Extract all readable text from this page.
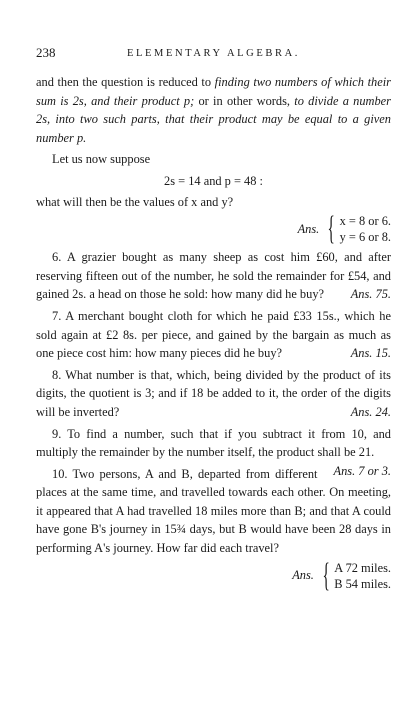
238	ELEMENTARY ALGEBRA.

and then the question is reduced to finding two numbers of which their sum is 2s, and their product p; or in other words, to divide a number 2s, into two such parts, that their product may be equal to a given number p.

Let us now suppose

2s = 14 and p = 48 :

what will then be the values of x and y?

Ans. { x = 8 or 6.
y = 6 or 8.

6. A grazier bought as many sheep as cost him £60, and after reserving fifteen out of the number, he sold the remainder for £54, and gained 2s. a head on those he sold: how many did he buy?	Ans. 75.

7. A merchant bought cloth for which he paid £33 15s., which he sold again at £2 8s. per piece, and gained by the bargain as much as one piece cost him: how many pieces did he buy?	Ans. 15.

8. What number is that, which, being divided by the product of its digits, the quotient is 3; and if 18 be added to it, the order of the digits will be inverted?	Ans. 24.

9. To find a number, such that if you subtract it from 10, and multiply the remainder by the number itself, the product shall be 21.
Ans. 7 or 3.

10. Two persons, A and B, departed from different places at the same time, and travelled towards each other. On meeting, it appeared that A had travelled 18 miles more than B; and that A could have gone B's journey in 15¾ days, but B would have been 28 days in performing A's journey. How far did each travel?

Ans. { A 72 miles.
B 54 miles.
